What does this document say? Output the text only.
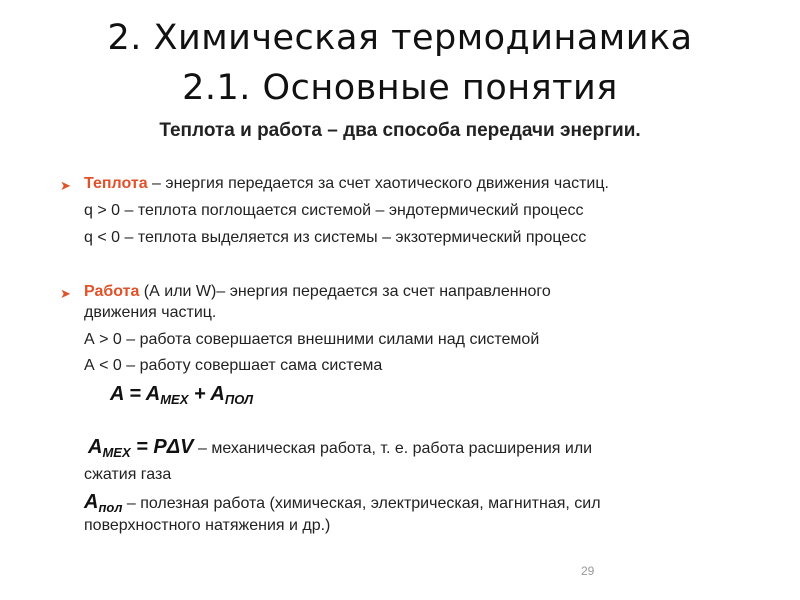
2. Химическая термодинамика
2.1. Основные понятия
Теплота и работа – два способа передачи энергии.
➤ Теплота – энергия передается за счет хаотического движения частиц.
q > 0 – теплота поглощается системой – эндотермический процесс
q < 0 – теплота выделяется из системы – экзотермический процесс
➤ Работа (А или W)– энергия передается за счет направленного
движения частиц.
А > 0 – работа совершается внешними силами над системой
А < 0 – работу совершает сама система
$A = A_{MEX} + A_{ПОЛ}$
$A_{MEX} = P\Delta V$ – механическая работа, т. е. работа расширения или
сжатия газа
$A_{пол}$ – полезная работа (химическая, электрическая, магнитная, сил
поверхностного натяжения и др.)
29
